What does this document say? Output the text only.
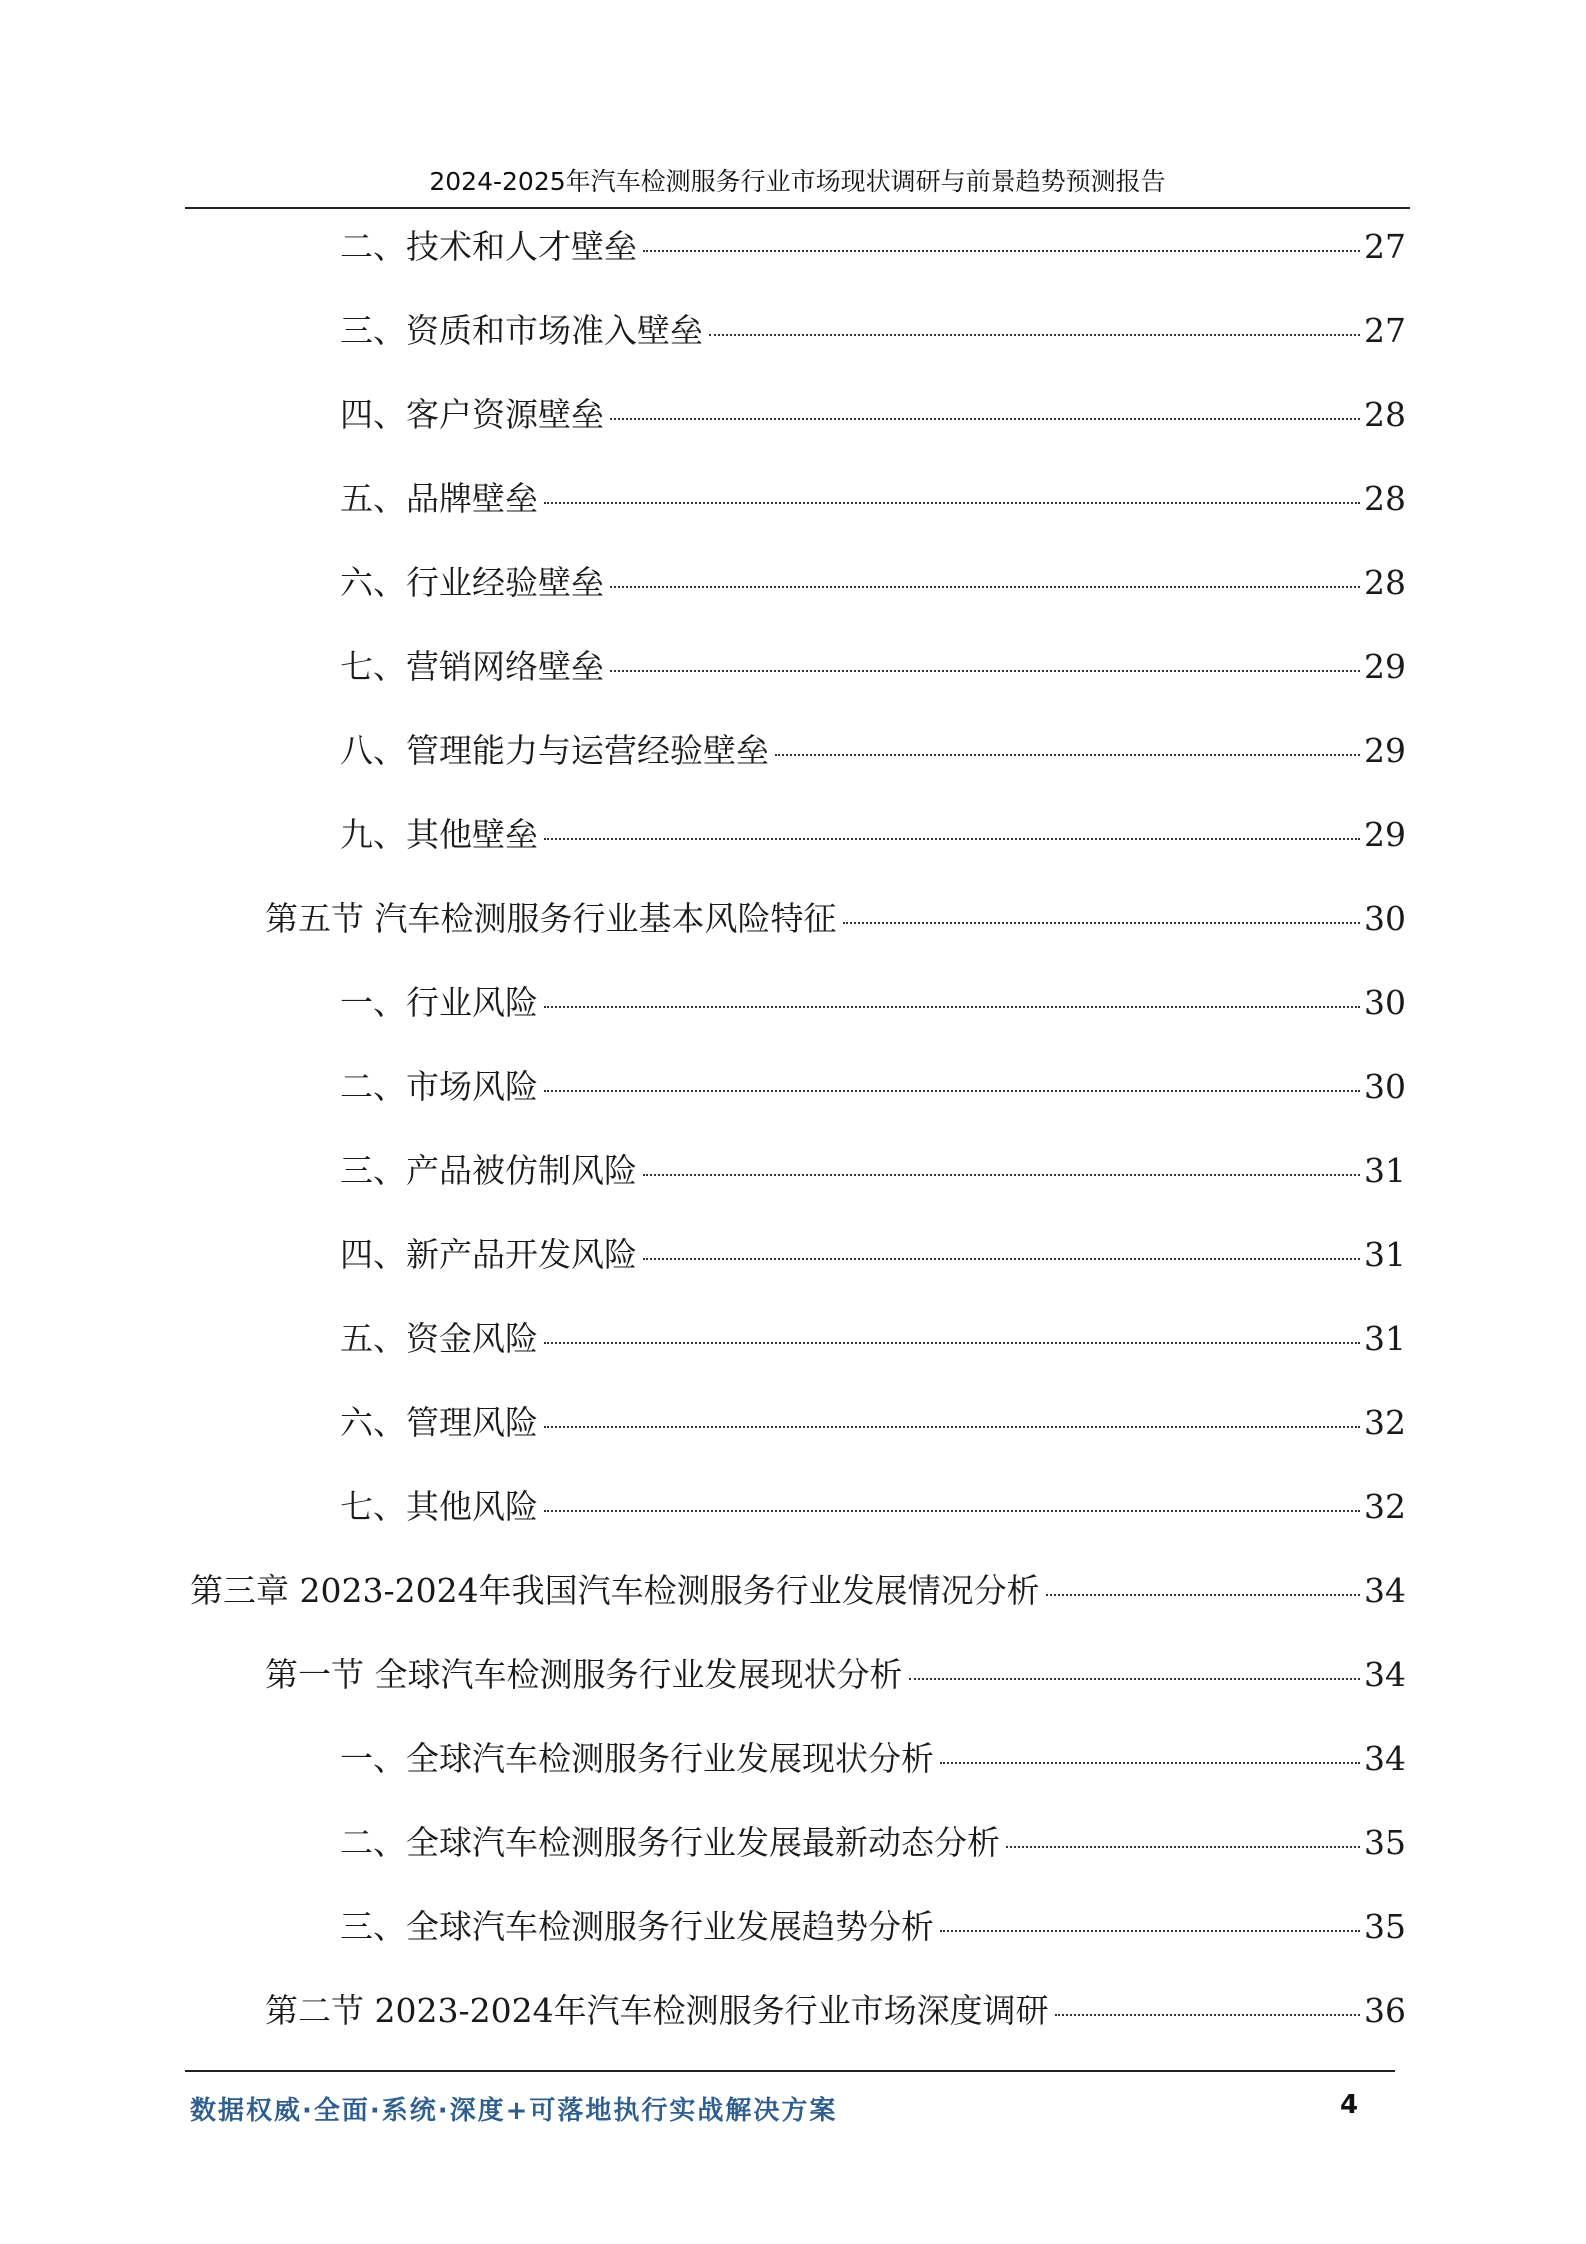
2024-2025年汽车检测服务行业市场现状调研与前景趋势预测报告
二、技术和人才壁垒	27
三、资质和市场准入壁垒	27
四、客户资源壁垒	28
五、品牌壁垒	28
六、行业经验壁垒	28
七、营销网络壁垒	29
八、管理能力与运营经验壁垒	29
九、其他壁垒	29
第五节 汽车检测服务行业基本风险特征	30
一、行业风险	30
二、市场风险	30
三、产品被仿制风险	31
四、新产品开发风险	31
五、资金风险	31
六、管理风险	32
七、其他风险	32
第三章 2023-2024年我国汽车检测服务行业发展情况分析	34
第一节 全球汽车检测服务行业发展现状分析	34
一、全球汽车检测服务行业发展现状分析	34
二、全球汽车检测服务行业发展最新动态分析	35
三、全球汽车检测服务行业发展趋势分析	35
第二节 2023-2024年汽车检测服务行业市场深度调研	36
数据权威·全面·系统·深度+可落地执行实战解决方案	4
